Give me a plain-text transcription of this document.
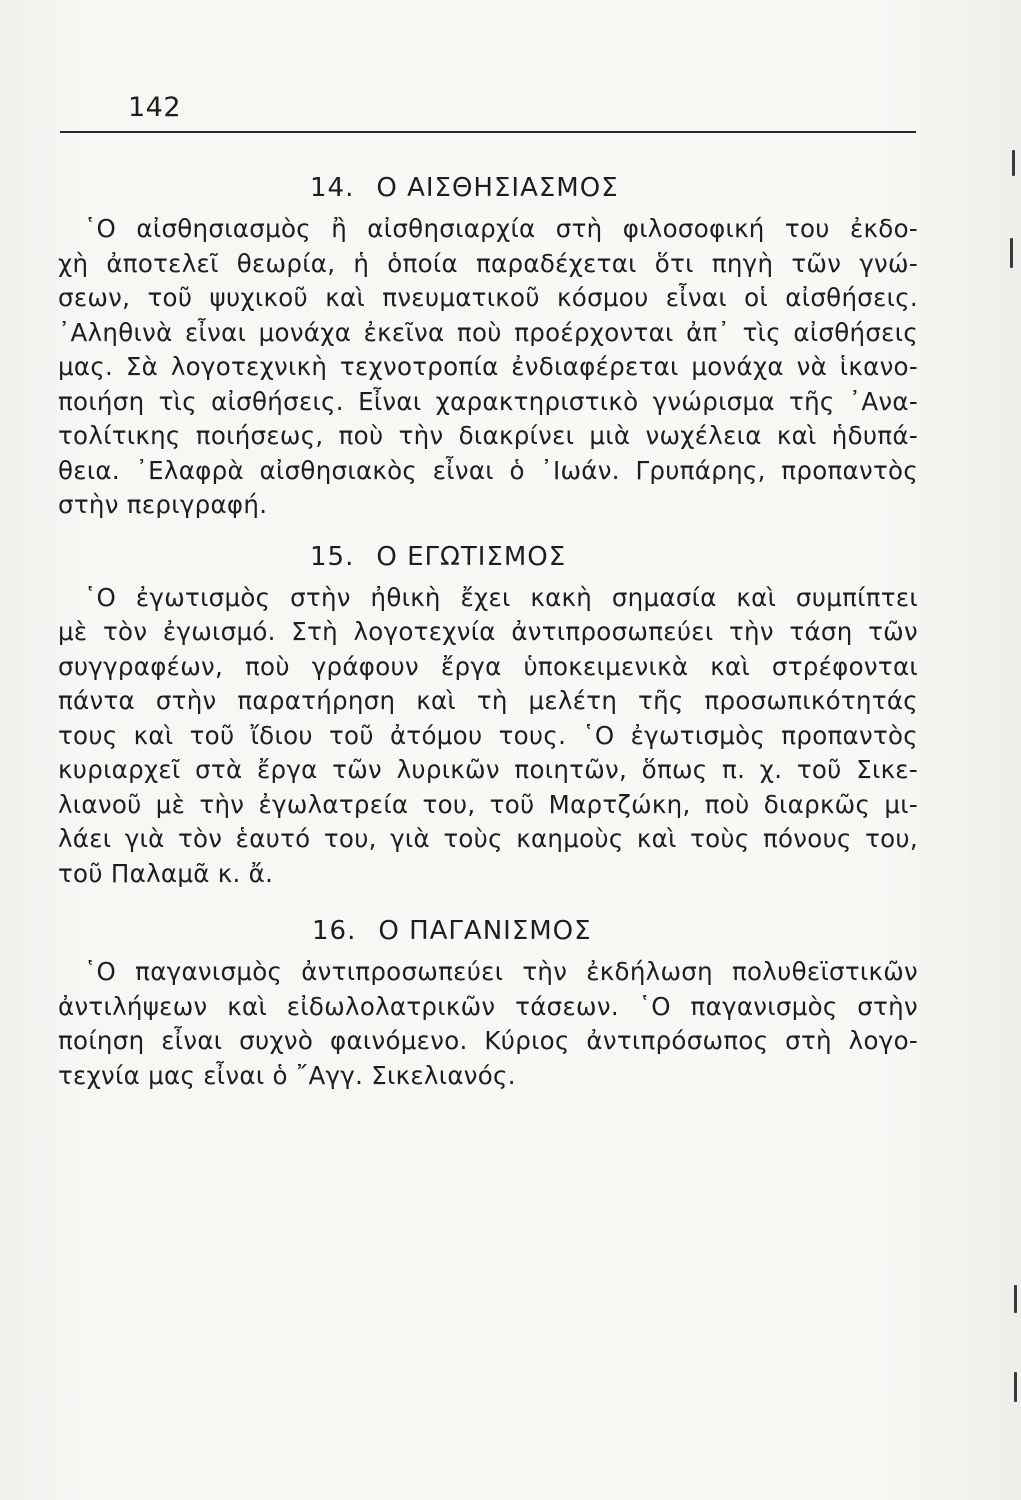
142
14. Ο ΑΙΣΘΗΣΙΑΣΜΟΣ
῾Ο αἰσθησιασμὸς ἢ αἰσθησιαρχία στὴ φιλοσοφική του ἐκδο-
χὴ ἀποτελεῖ θεωρία, ἡ ὁποία παραδέχεται ὅτι πηγὴ τῶν γνώ-
σεων, τοῦ ψυχικοῦ καὶ πνευματικοῦ κόσμου εἶναι οἱ αἰσθήσεις.
᾿Αληθινὰ εἶναι μονάχα ἐκεῖνα ποὺ προέρχονται ἀπ᾿ τὶς αἰσθήσεις
μας. Σὰ λογοτεχνικὴ τεχνοτροπία ἐνδιαφέρεται μονάχα νὰ ἱκανο-
ποιήση τὶς αἰσθήσεις. Εἶναι χαρακτηριστικὸ γνώρισμα τῆς ᾿Ανα-
τολίτικης ποιήσεως, ποὺ τὴν διακρίνει μιὰ νωχέλεια καὶ ἡδυπά-
θεια. ᾿Ελαφρὰ αἰσθησιακὸς εἶναι ὁ ᾿Ιωάν. Γρυπάρης, προπαντὸς
στὴν περιγραφή.
15. Ο ΕΓΩΤΙΣΜΟΣ
῾Ο ἐγωτισμὸς στὴν ἠθικὴ ἔχει κακὴ σημασία καὶ συμπίπτει
μὲ τὸν ἐγωισμό. Στὴ λογοτεχνία ἀντιπροσωπεύει τὴν τάση τῶν
συγγραφέων, ποὺ γράφουν ἔργα ὑποκειμενικὰ καὶ στρέφονται
πάντα στὴν παρατήρηση καὶ τὴ μελέτη τῆς προσωπικότητάς
τους καὶ τοῦ ἴδιου τοῦ ἀτόμου τους. ῾Ο ἐγωτισμὸς προπαντὸς
κυριαρχεῖ στὰ ἔργα τῶν λυρικῶν ποιητῶν, ὅπως π. χ. τοῦ Σικε-
λιανοῦ μὲ τὴν ἐγωλατρεία του, τοῦ Μαρτζώκη, ποὺ διαρκῶς μι-
λάει γιὰ τὸν ἑαυτό του, γιὰ τοὺς καημοὺς καὶ τοὺς πόνους του,
τοῦ Παλαμᾶ κ. ἄ.
16. Ο ΠΑΓΑΝΙΣΜΟΣ
῾Ο παγανισμὸς ἀντιπροσωπεύει τὴν ἐκδήλωση πολυθεϊστικῶν
ἀντιλήψεων καὶ εἰδωλολατρικῶν τάσεων. ῾Ο παγανισμὸς στὴν
ποίηση εἶναι συχνὸ φαινόμενο. Κύριος ἀντιπρόσωπος στὴ λογο-
τεχνία μας εἶναι ὁ ῎Αγγ. Σικελιανός.
